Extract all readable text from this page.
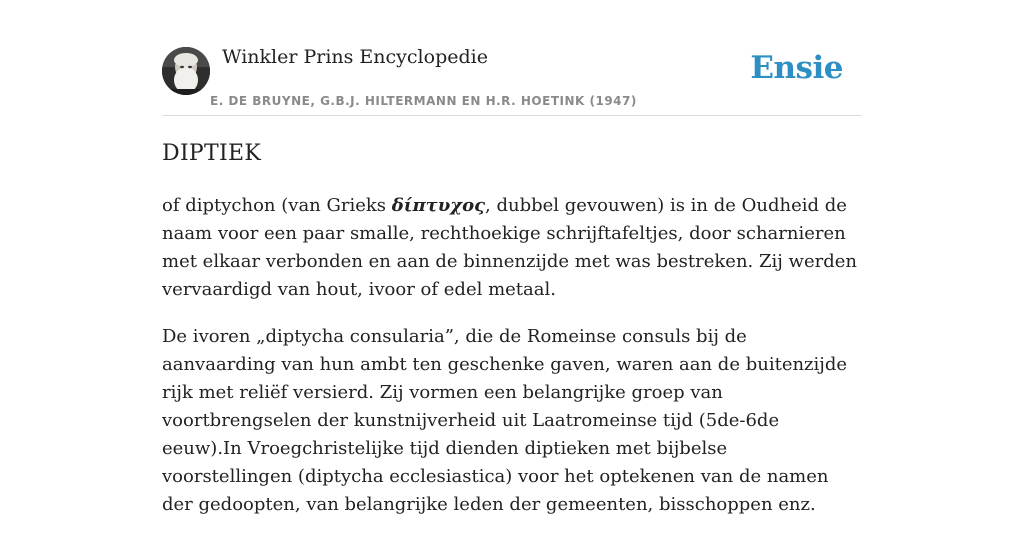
Winkler Prins Encyclopedie
E. DE BRUYNE, G.B.J. HILTERMANN EN H.R. HOETINK (1947)
Ensie
DIPTIEK

of diptychon (van Grieks δίπτυχος, dubbel gevouwen) is in de Oudheid de naam voor een paar smalle, rechthoekige schrijftafeltjes, door scharnieren met elkaar verbonden en aan de binnenzijde met was bestreken. Zij werden vervaardigd van hout, ivoor of edel metaal.

De ivoren „diptycha consularia”, die de Romeinse consuls bij de aanvaarding van hun ambt ten geschenke gaven, waren aan de buitenzijde rijk met reliëf versierd. Zij vormen een belangrijke groep van voortbrengselen der kunstnijverheid uit Laatromeinse tijd (5de-6de eeuw).In Vroegchristelijke tijd dienden diptieken met bijbelse voorstellingen (diptycha ecclesiastica) voor het optekenen van de namen der gedoopten, van belangrijke leden der gemeenten, bisschoppen enz.
